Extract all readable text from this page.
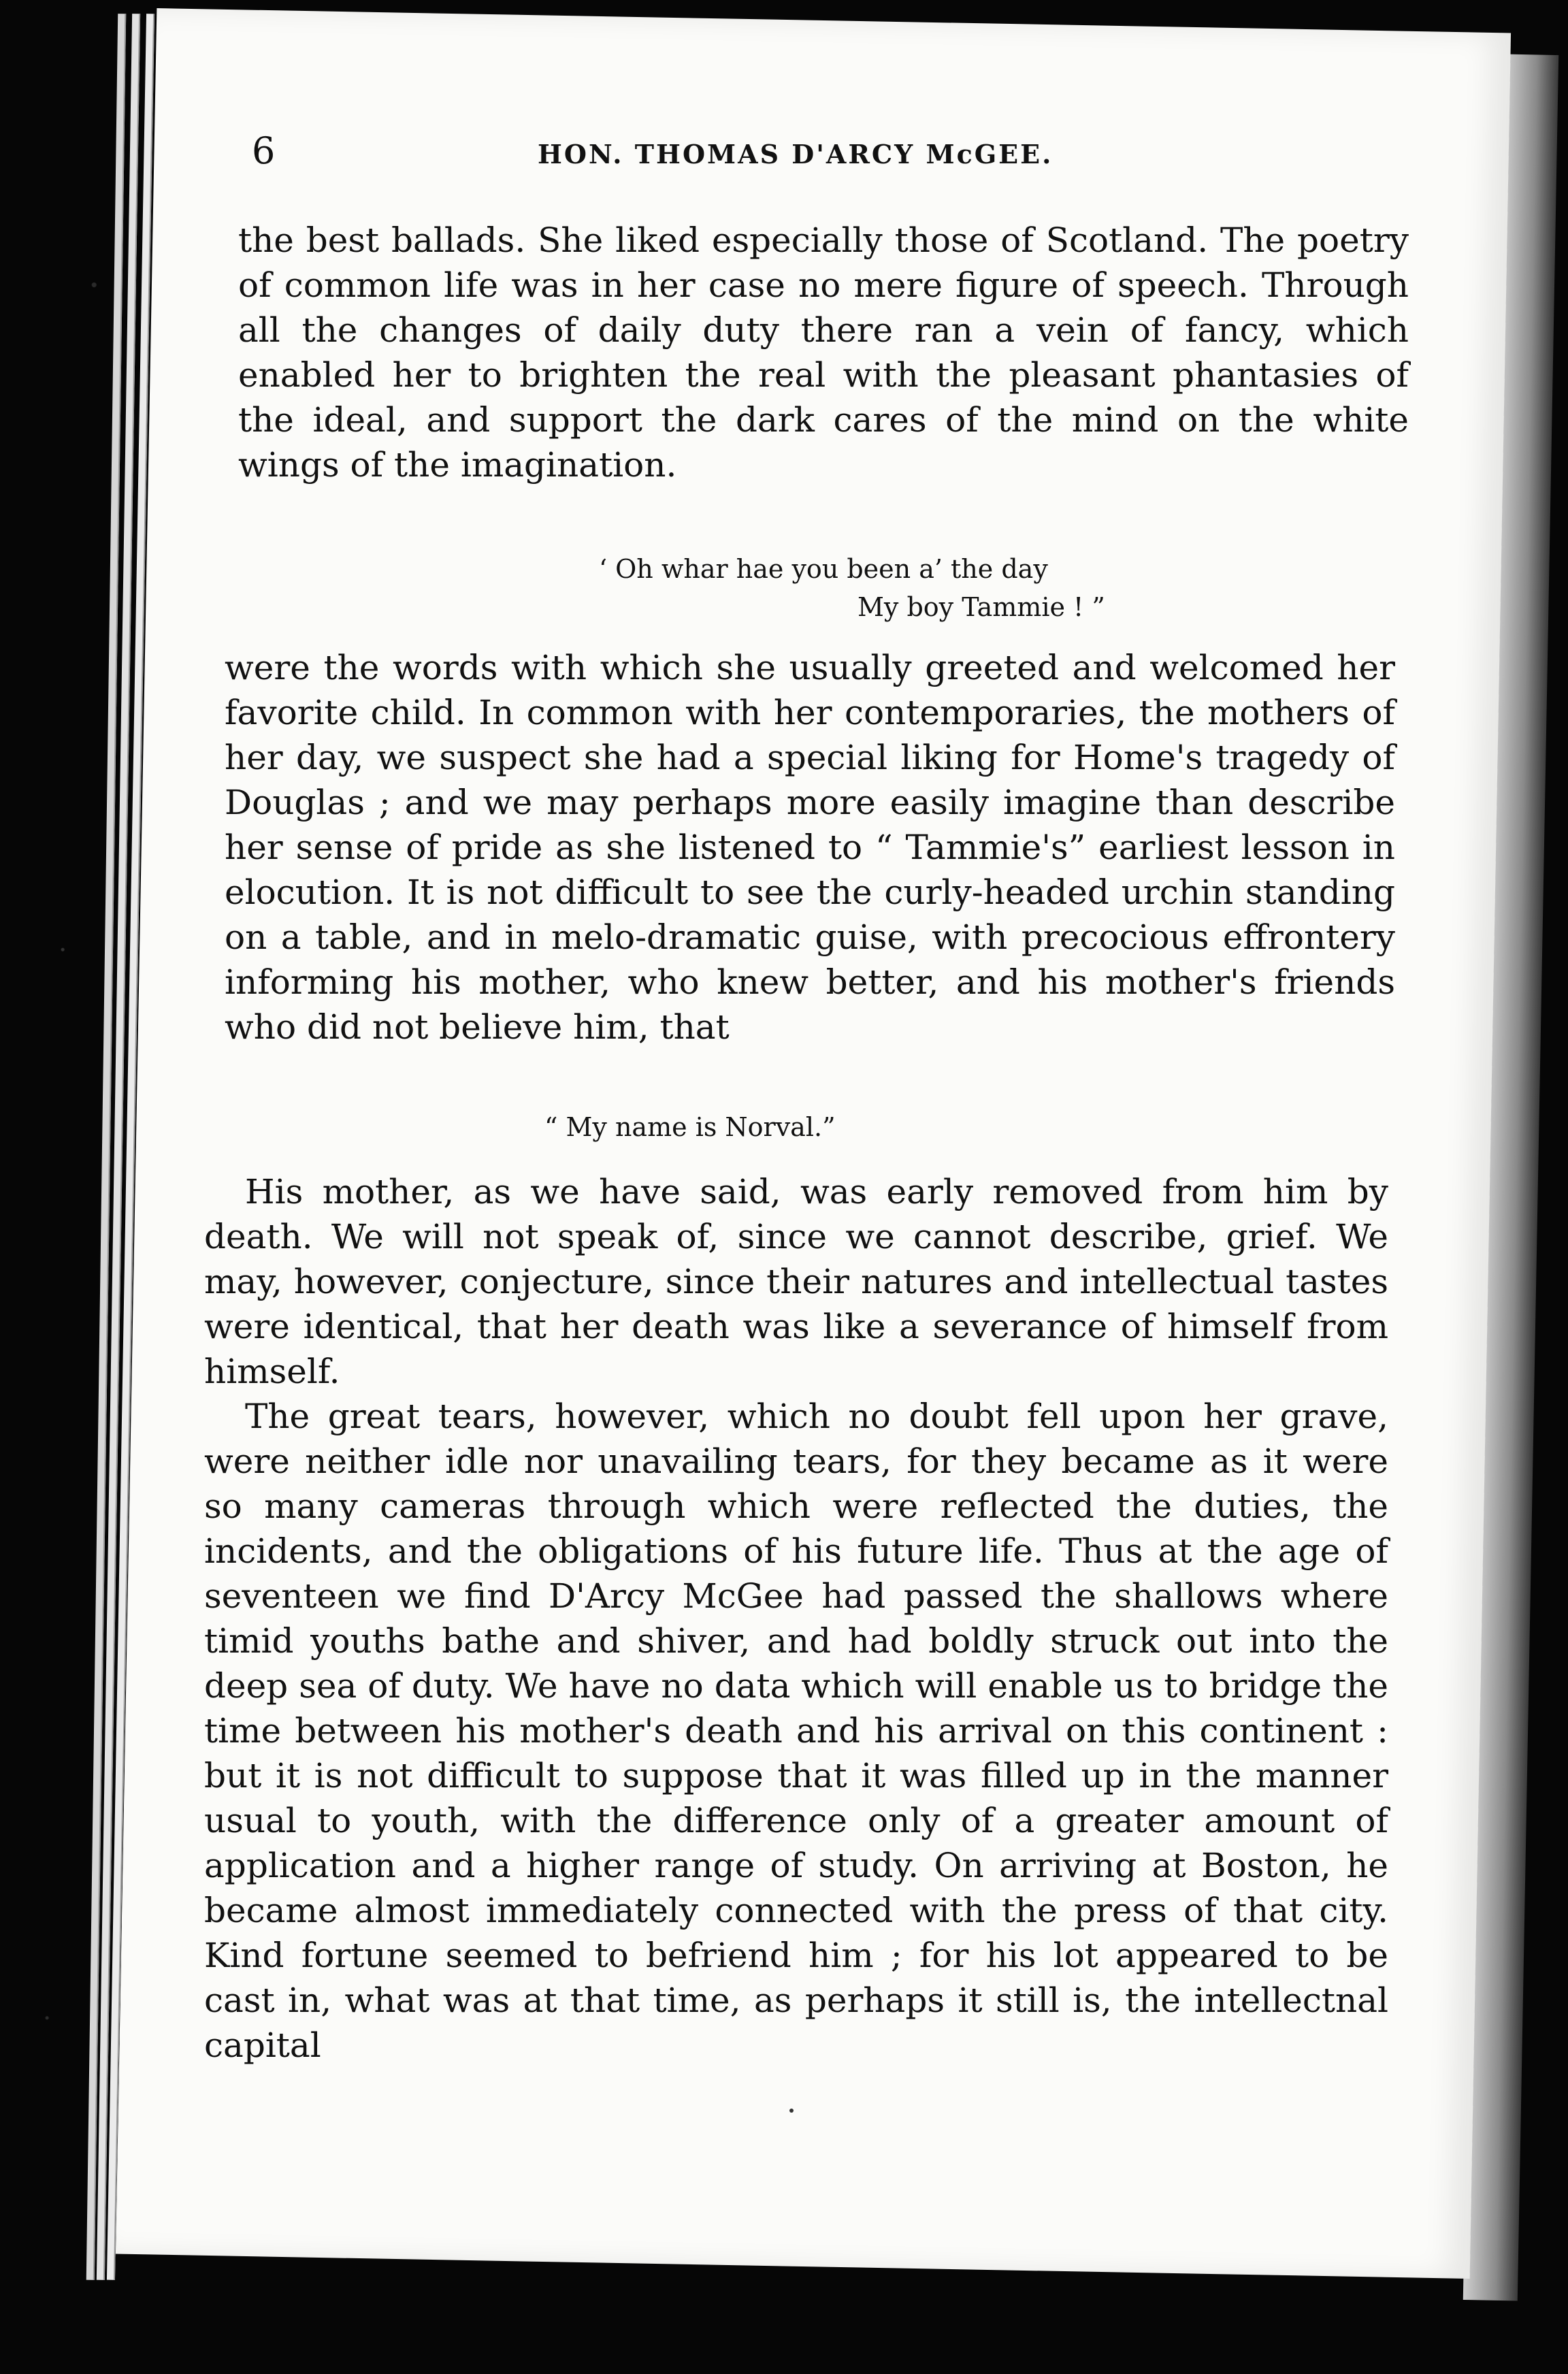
6	HON. THOMAS D'ARCY McGEE.

the best ballads. She liked especially those of Scotland. The poetry of common life was in her case no mere figure of speech. Through all the changes of daily duty there ran a vein of fancy, which enabled her to brighten the real with the pleasant phantasies of the ideal, and support the dark cares of the mind on the white wings of the imagination.

‘ Oh whar hae you been a’ the day
My boy Tammie ! ”

were the words with which she usually greeted and welcomed her favorite child. In common with her contemporaries, the mothers of her day, we suspect she had a special liking for Home's tragedy of Douglas ; and we may perhaps more easily imagine than describe her sense of pride as she listened to “ Tammie's” earliest lesson in elocution. It is not difficult to see the curly-headed urchin standing on a table, and in melo-dramatic guise, with precocious effrontery informing his mother, who knew better, and his mother's friends who did not believe him, that

“ My name is Norval.”

His mother, as we have said, was early removed from him by death. We will not speak of, since we cannot describe, grief. We may, however, conjecture, since their natures and intellectual tastes were identical, that her death was like a severance of himself from himself.

The great tears, however, which no doubt fell upon her grave, were neither idle nor unavailing tears, for they became as it were so many cameras through which were reflected the duties, the incidents, and the obligations of his future life. Thus at the age of seventeen we find D'Arcy McGee had passed the shallows where timid youths bathe and shiver, and had boldly struck out into the deep sea of duty. We have no data which will enable us to bridge the time between his mother's death and his arrival on this continent : but it is not difficult to suppose that it was filled up in the manner usual to youth, with the difference only of a greater amount of application and a higher range of study. On arriving at Boston, he became almost immediately connected with the press of that city. Kind fortune seemed to befriend him ; for his lot appeared to be cast in, what was at that time, as perhaps it still is, the intellectnal capital
